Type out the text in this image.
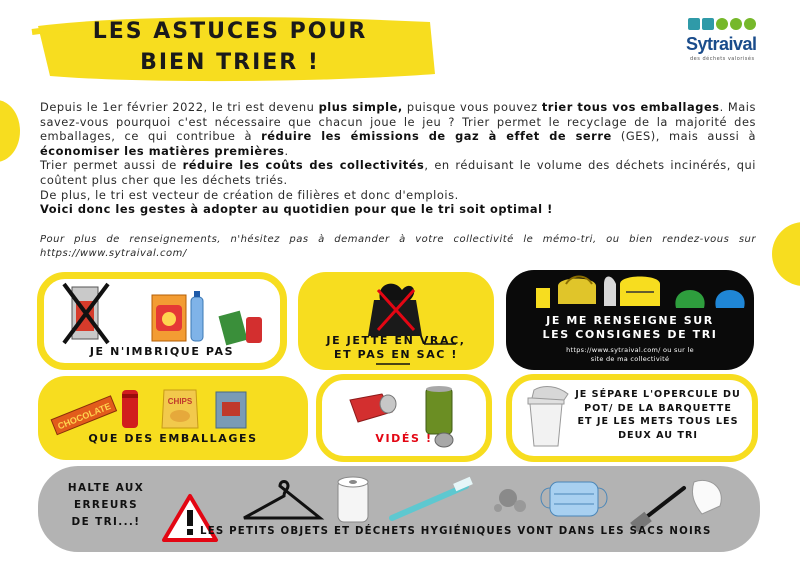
LES ASTUCES POUR
BIEN TRIER !
Sytraival
des déchets valorisés

Depuis le 1er février 2022, le tri est devenu plus simple, puisque vous pouvez trier tous vos emballages. Mais savez-vous pourquoi c'est nécessaire que chacun joue le jeu ? Trier permet le recyclage de la majorité des emballages, ce qui contribue à réduire les émissions de gaz à effet de serre (GES), mais aussi à économiser les matières premières.

Trier permet aussi de réduire les coûts des collectivités, en réduisant le volume des déchets incinérés, qui coûtent plus cher que les déchets triés.

De plus, le tri est vecteur de création de filières et donc d'emplois.

Voici donc les gestes à adopter au quotidien pour que le tri soit optimal !

Pour plus de renseignements, n'hésitez pas à demander à votre collectivité le mémo-tri, ou bien rendez-vous sur https://www.sytraival.com/
JE N'IMBRIQUE PAS
JE JETTE EN VRAC,
ET PAS EN SAC !
JE ME RENSEIGNE SUR
LES CONSIGNES DE TRI
https://www.sytraival.com/ ou sur le
site de ma collectivité
CHOCOLATE	CHIPS
QUE DES EMBALLAGES	VIDÉS !
JE SÉPARE L'OPERCULE DU
POT/ DE LA BARQUETTE
ET JE LES METS TOUS LES
DEUX AU TRI
HALTE AUX
ERREURS
DE TRI...!
LES PETITS OBJETS ET DÉCHETS HYGIÉNIQUES VONT DANS LES SACS NOIRS
